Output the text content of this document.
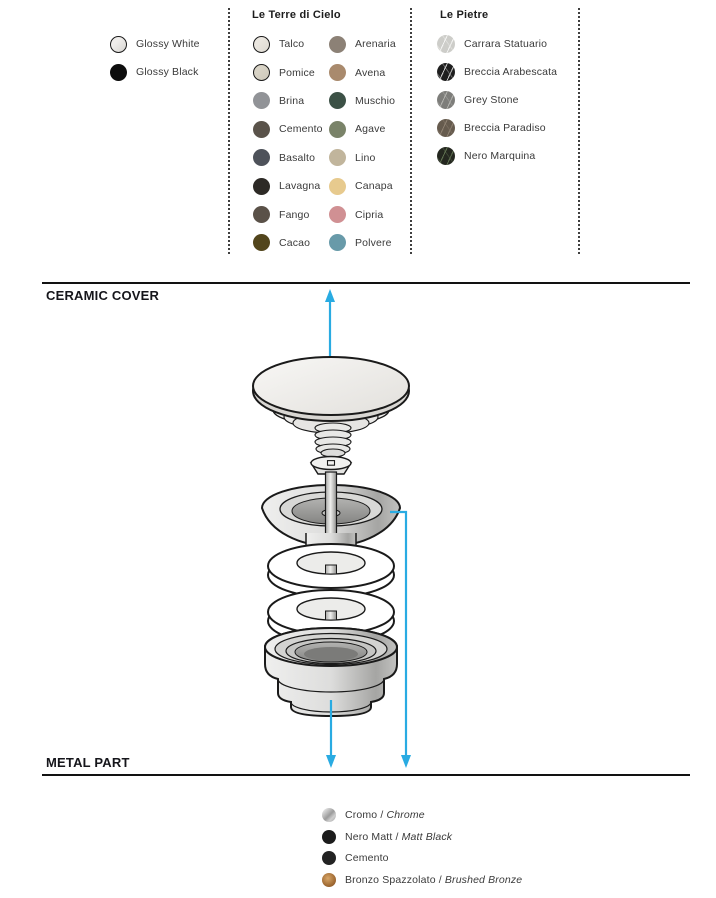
Glossy White
Glossy Black
Le Terre di Cielo
Talco
Pomice
Brina
Cemento
Basalto
Lavagna
Fango
Cacao
Arenaria
Avena
Muschio
Agave
Lino
Canapa
Cipria
Polvere
Le Pietre
Carrara Statuario
Breccia Arabescata
Grey Stone
Breccia Paradiso
Nero Marquina
CERAMIC COVER
METAL PART
Cromo / Chrome
Nero Matt / Matt Black
Cemento
Bronzo Spazzolato / Brushed Bronze
